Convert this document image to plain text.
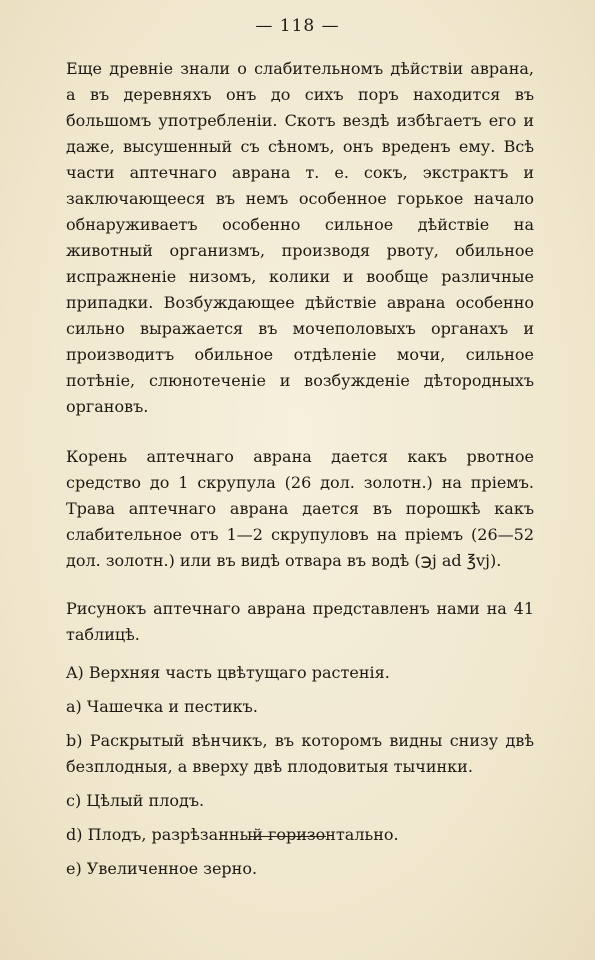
— 118 —

Еще древніе знали о слабительномъ дѣйствіи аврана, а въ деревняхъ онъ до сихъ поръ находится въ большомъ употребленіи. Скотъ вездѣ избѣгаетъ его и даже, высушенный съ сѣномъ, онъ вреденъ ему. Всѣ части аптечнаго аврана т. е. сокъ, экстрактъ и заключающееся въ немъ особенное горькое начало обнаруживаетъ особенно сильное дѣйствіе на животный организмъ, производя рвоту, обильное испражненіе низомъ, колики и вообще различные припадки. Возбуждающее дѣйствіе аврана особенно сильно выражается въ мочеполовыхъ органахъ и производитъ обильное отдѣленіе мочи, сильное потѣніе, слюнотеченіе и возбужденіе дѣтородныхъ органовъ.

Корень аптечнаго аврана дается какъ рвотное средство до 1 скрупула (26 дол. золотн.) на пріемъ. Трава аптечнаго аврана дается въ порошкѣ какъ слабительное отъ 1—2 скрупуловъ на пріемъ (26—52 дол. золотн.) или въ видѣ отвара въ водѣ (℈j ad ℥vj).

Рисунокъ аптечнаго аврана представленъ нами на 41 таблицѣ.

A) Верхняя часть цвѣтущаго растенія.
a) Чашечка и пестикъ.
b) Раскрытый вѣнчикъ, въ которомъ видны снизу двѣ безплодныя, а вверху двѣ плодовитыя тычинки.
c) Цѣлый плодъ.
d) Плодъ, разрѣзанный горизонтально.
e) Увеличенное зерно.
